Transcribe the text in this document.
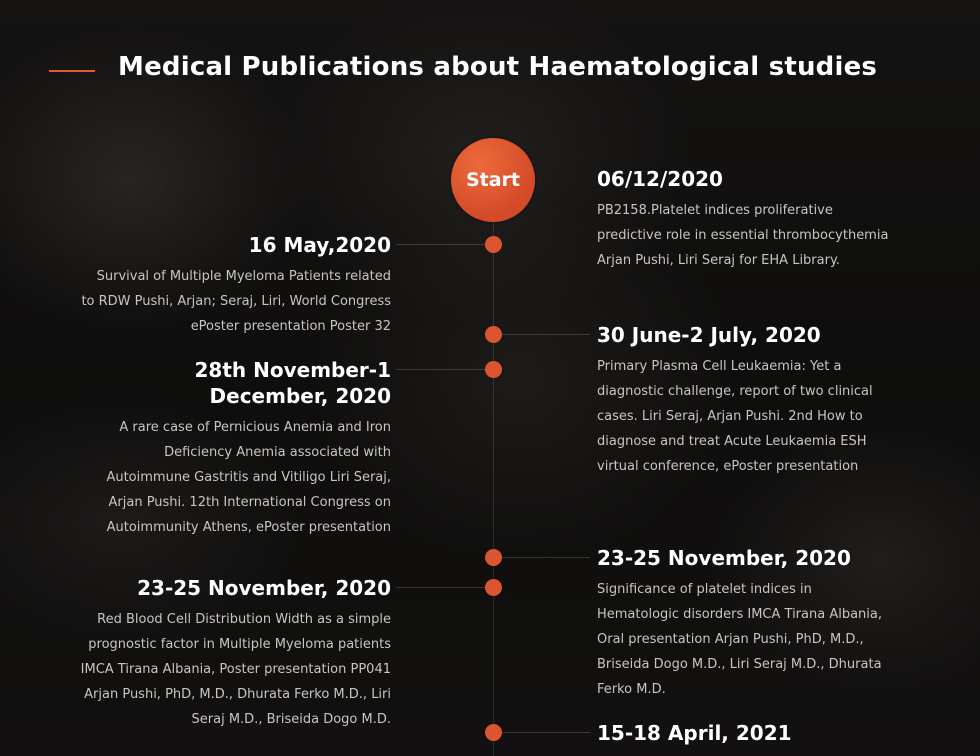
Medical Publications about Haematological studies
Start
16 May,2020

Survival of Multiple Myeloma Patients related to RDW Pushi, Arjan; Seraj, Liri, World Congress ePoster presentation Poster 32

28th November-1 December, 2020

A rare case of Pernicious Anemia and Iron Deficiency Anemia associated with Autoimmune Gastritis and Vitiligo Liri Seraj, Arjan Pushi. 12th International Congress on Autoimmunity Athens, ePoster presentation

23-25 November, 2020

Red Blood Cell Distribution Width as a simple prognostic factor in Multiple Myeloma patients IMCA Tirana Albania, Poster presentation PP041 Arjan Pushi, PhD, M.D., Dhurata Ferko M.D., Liri Seraj M.D., Briseida Dogo M.D.

06/12/2020

PB2158.Platelet indices proliferative predictive role in essential thrombocythemia Arjan Pushi, Liri Seraj for EHA Library.

30 June-2 July, 2020

Primary Plasma Cell Leukaemia: Yet a diagnostic challenge, report of two clinical cases. Liri Seraj, Arjan Pushi. 2nd How to diagnose and treat Acute Leukaemia ESH virtual conference, ePoster presentation

23-25 November, 2020

Significance of platelet indices in Hematologic disorders IMCA Tirana Albania, Oral presentation Arjan Pushi, PhD, M.D., Briseida Dogo M.D., Liri Seraj M.D., Dhurata Ferko M.D.

15-18 April, 2021
